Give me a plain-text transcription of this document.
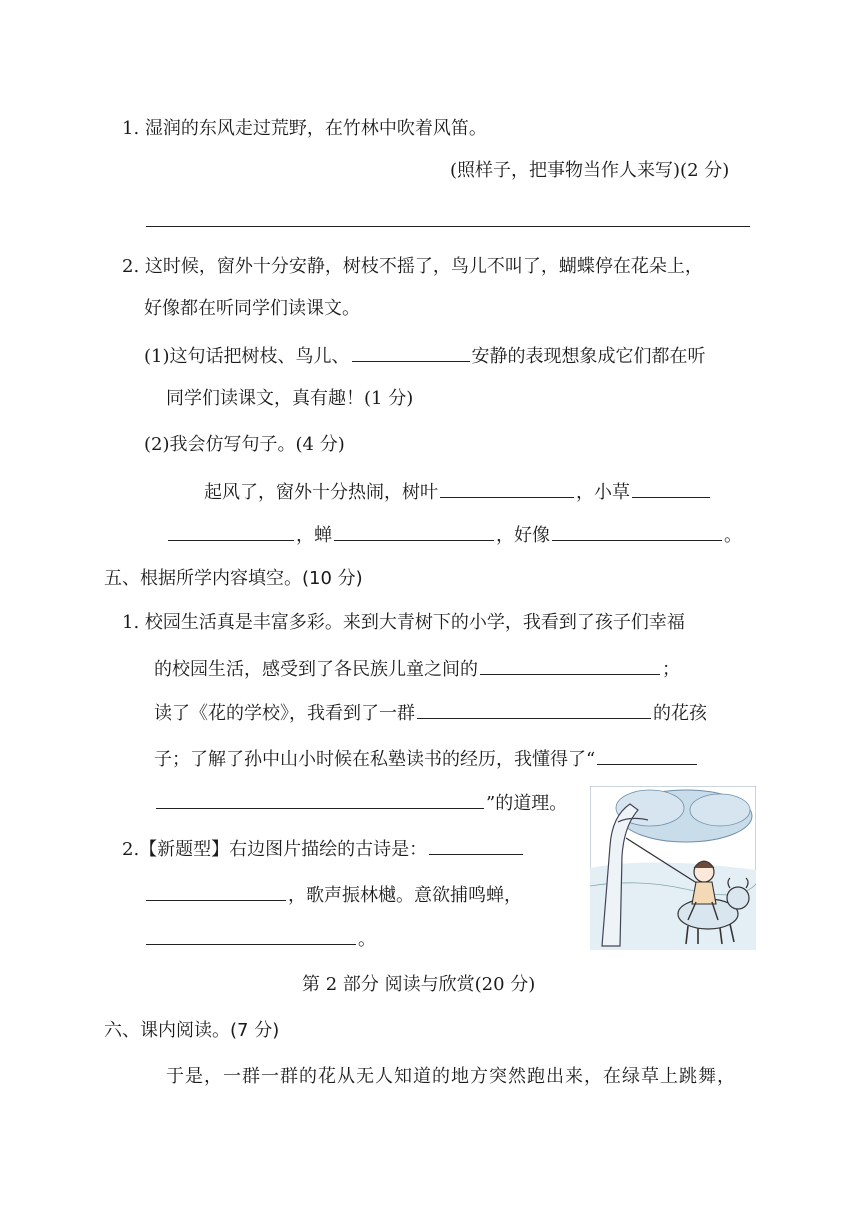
1. 湿润的东风走过荒野，在竹林中吹着风笛。
(照样子，把事物当作人来写)(2 分)
2. 这时候，窗外十分安静，树枝不摇了，鸟儿不叫了，蝴蝶停在花朵上，
好像都在听同学们读课文。
(1)这句话把树枝、鸟儿、	安静的表现想象成它们都在听
同学们读课文，真有趣！(1 分)
(2)我会仿写句子。(4 分)
起风了，窗外十分热闹，树叶	，小草
，蝉	，好像	。
五、根据所学内容填空。(10 分)
1. 校园生活真是丰富多彩。来到大青树下的小学，我看到了孩子们幸福
的校园生活，感受到了各民族儿童之间的	；
读了《花的学校》，我看到了一群	的花孩
子；了解了孙中山小时候在私塾读书的经历，我懂得了“
”的道理。
2.【新题型】右边图片描绘的古诗是：
，歌声振林樾。意欲捕鸣蝉，
。
第 2 部分 阅读与欣赏(20 分)
六、课内阅读。(7 分)
于是，一群一群的花从无人知道的地方突然跑出来，在绿草上跳舞，
